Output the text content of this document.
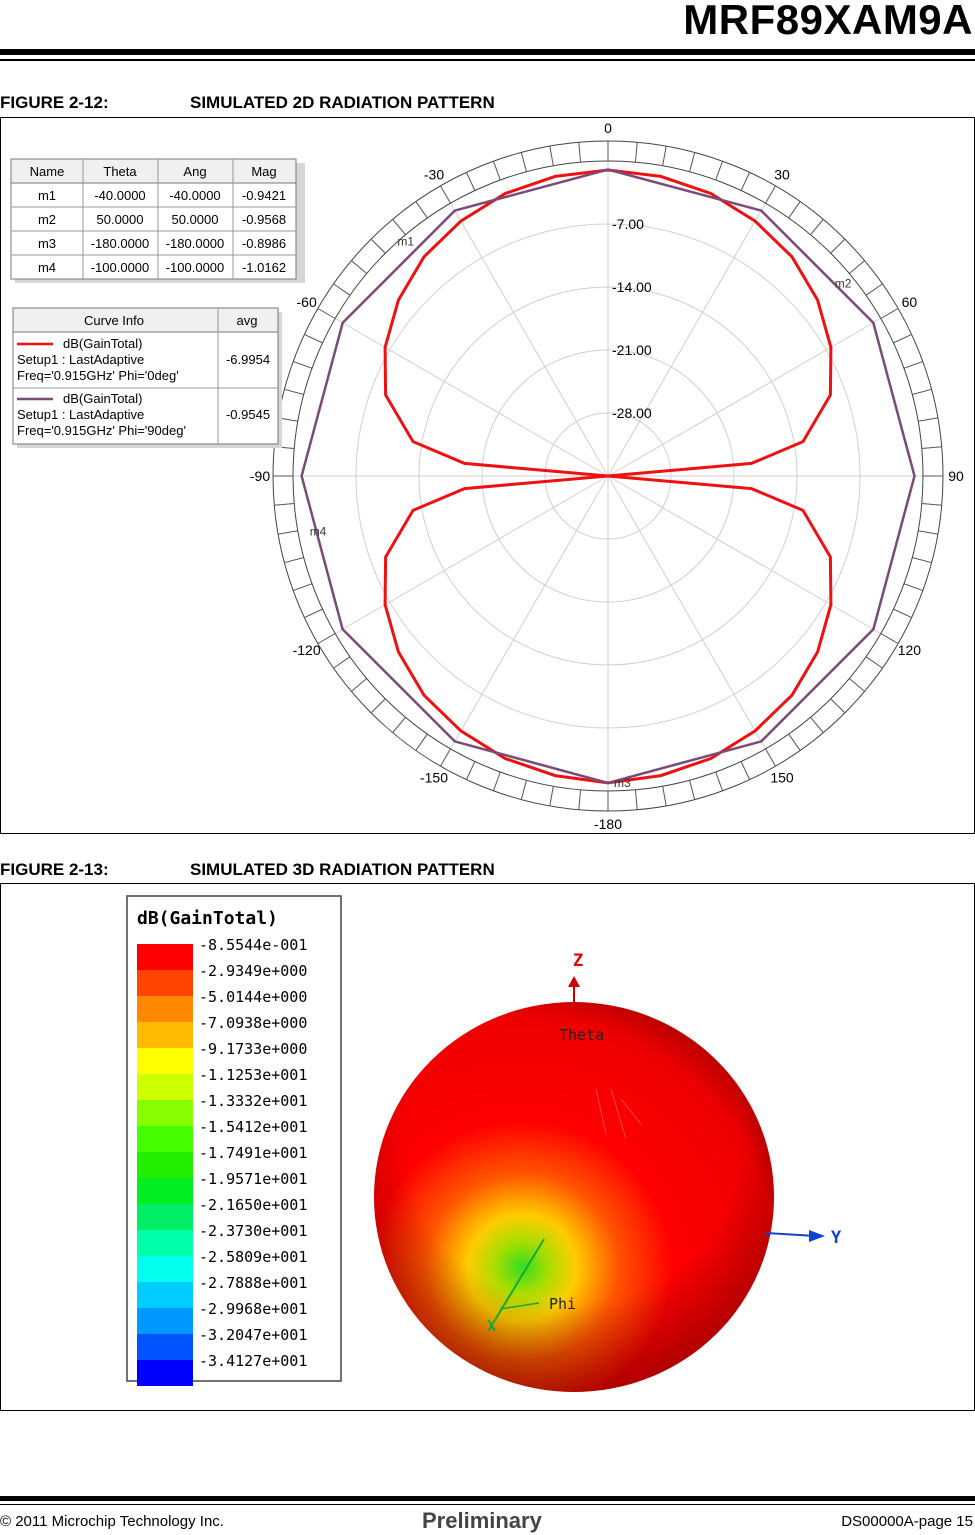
MRF89XAM9A
FIGURE 2-12:	SIMULATED 2D RADIATION PATTERN
-7.00
-14.00
-21.00
-28.00
0
30
60
90
120
150
-180
-150
-120
-90
-60
-30
m1
m2
m3
m4
Name	Theta	Ang	Mag
m1	-40.0000 -40.0000 -0.9421
m2	50.0000 50.0000 -0.9568
m3	-180.0000 -180.0000 -0.8986
m4	-100.0000 -100.0000 -1.0162
Curve Info	avg
dB(GainTotal)
Setup1 : LastAdaptive
Freq='0.915GHz' Phi='0deg'
-6.9954
dB(GainTotal)
Setup1 : LastAdaptive
Freq='0.915GHz' Phi='90deg'
-0.9545
FIGURE 2-13:	SIMULATED 3D RADIATION PATTERN
dB(GainTotal)
-8.5544e-001
-2.9349e+000
-5.0144e+000
-7.0938e+000
-9.1733e+000
-1.1253e+001
-1.3332e+001
-1.5412e+001
-1.7491e+001
-1.9571e+001
-2.1650e+001
-2.3730e+001
-2.5809e+001
-2.7888e+001
-2.9968e+001
-3.2047e+001
-3.4127e+001
Z
Theta
Y
X
Phi
© 2011 Microchip Technology Inc.	Preliminary	DS00000A-page 15
